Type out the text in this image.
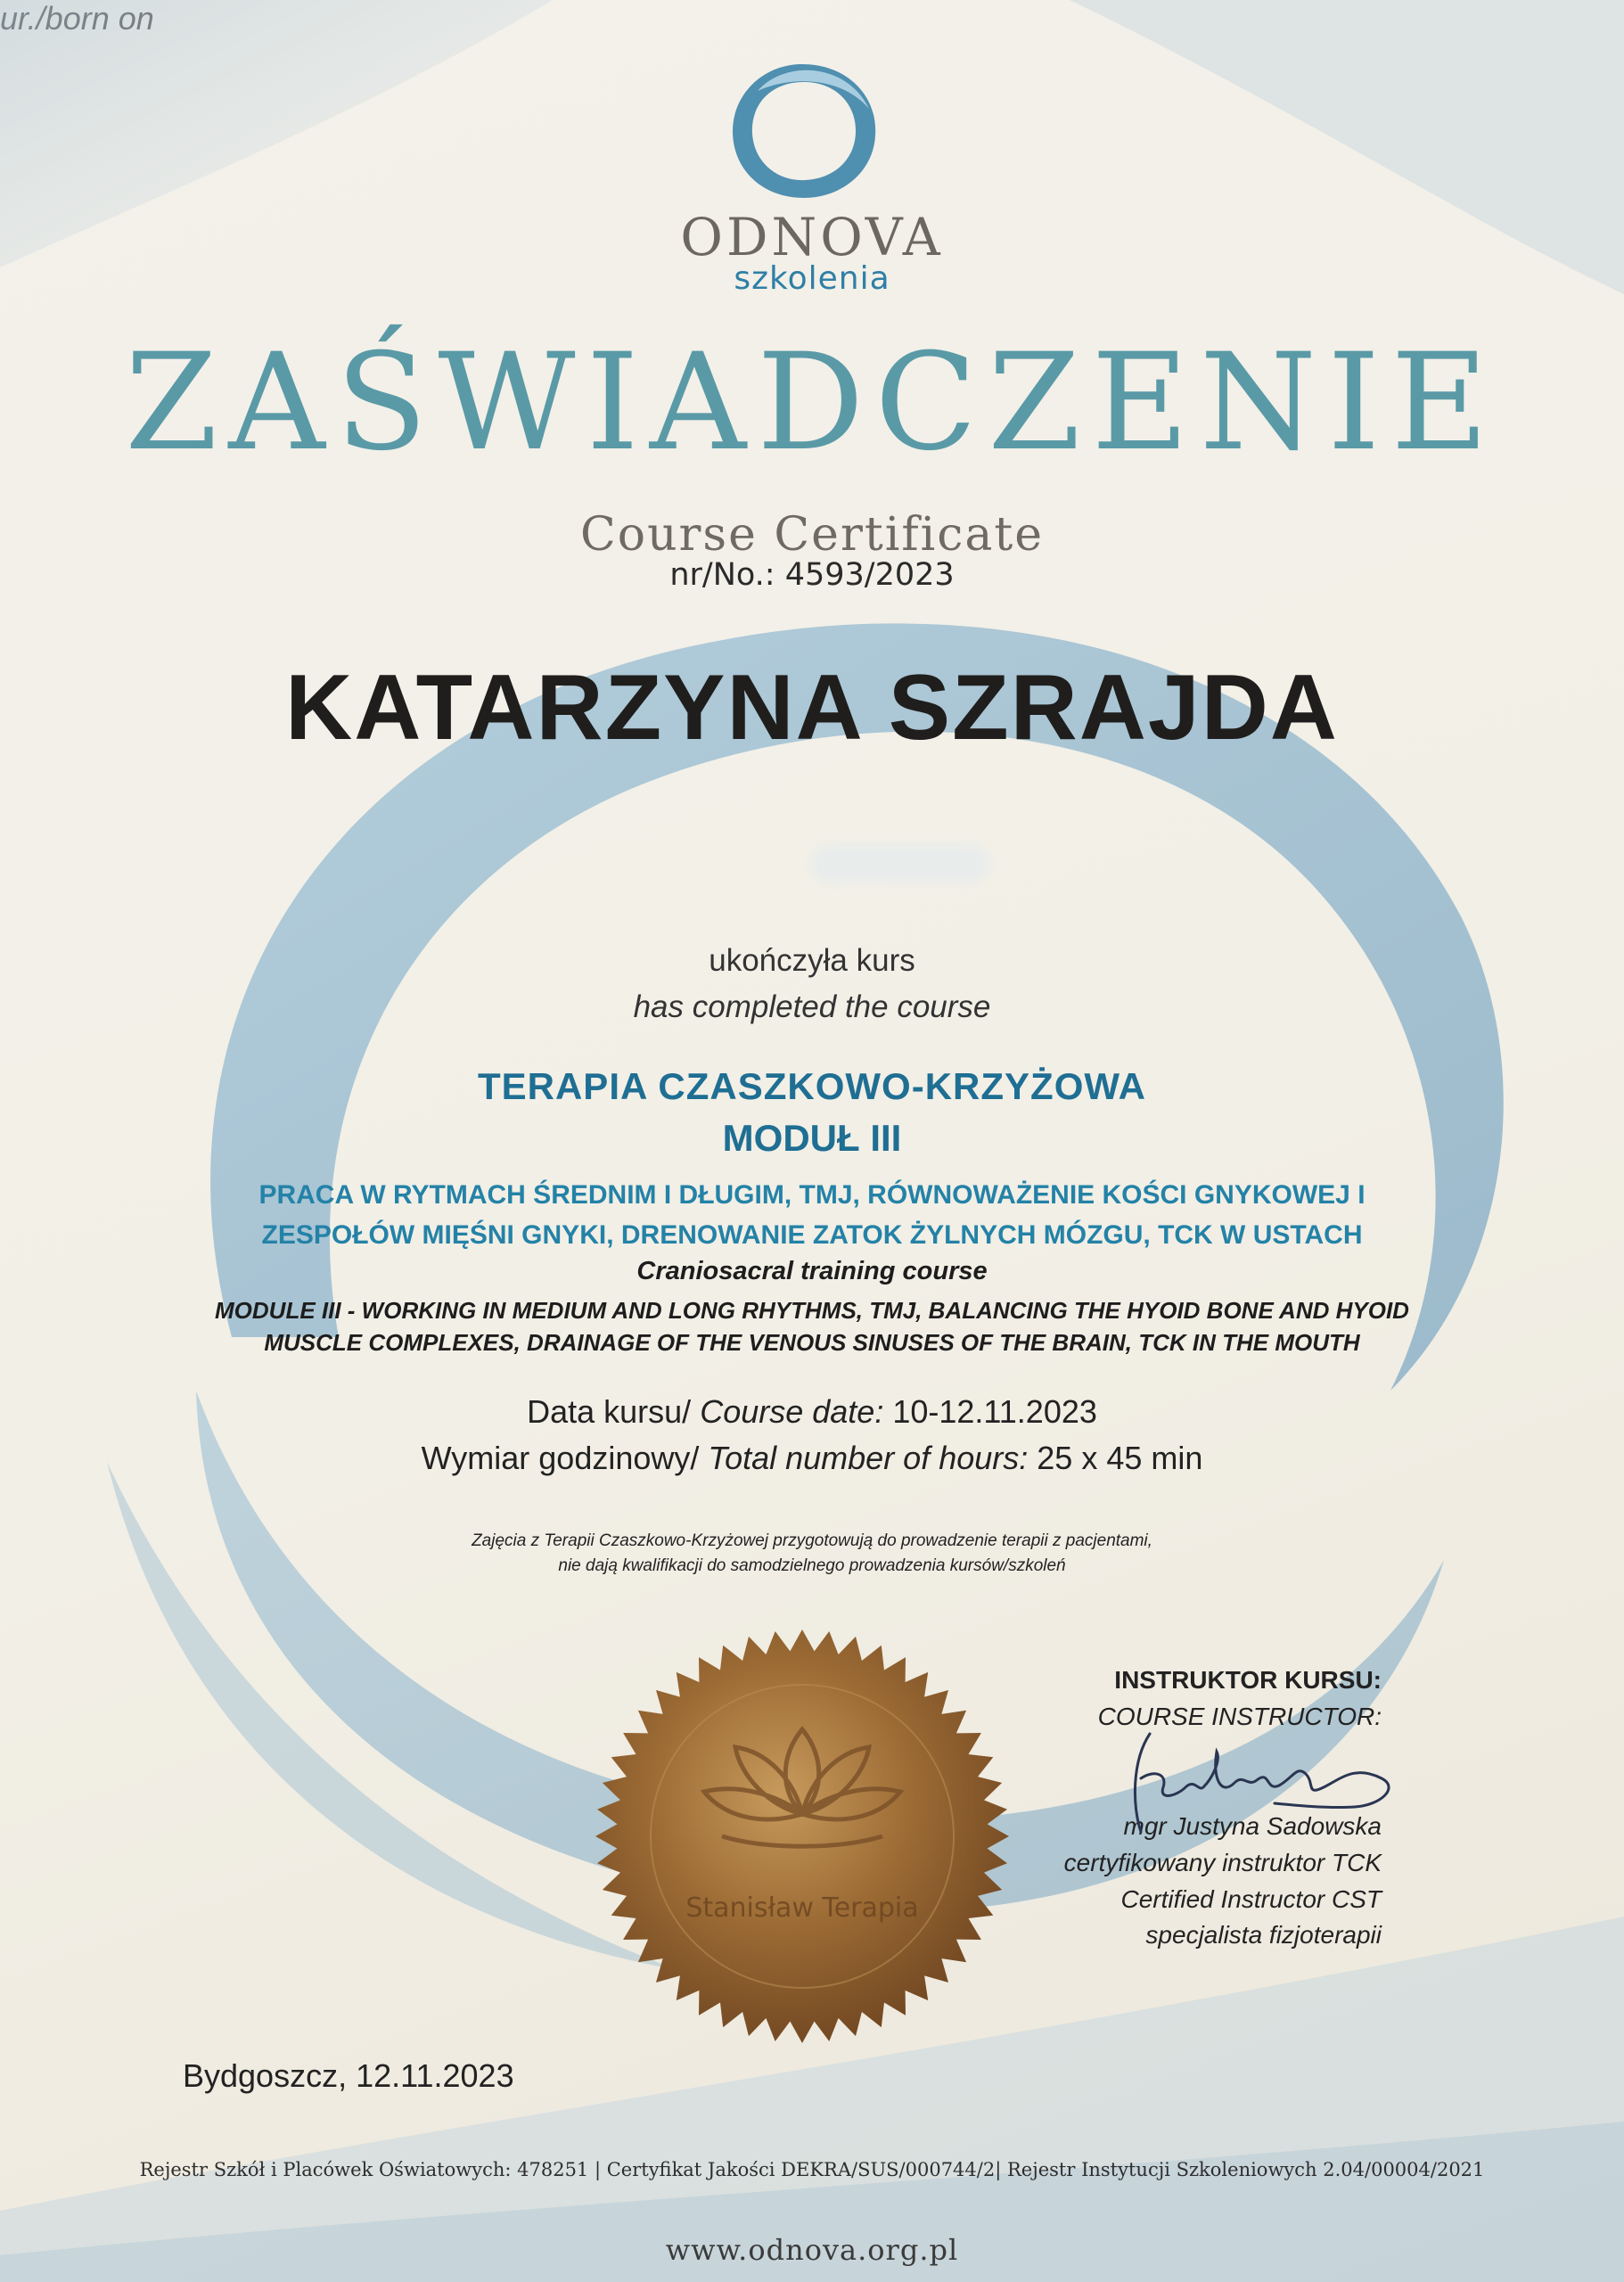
ODNOVA
szkolenia
ZAŚWIADCZENIE
Course Certificate
nr/No.: 4593/2023
KATARZYNA SZRAJDA
ukończyła kurs
has completed the course
TERAPIA CZASZKOWO-KRZYŻOWA
MODUŁ III
PRACA W RYTMACH ŚREDNIM I DŁUGIM, TMJ, RÓWNOWAŻENIE KOŚCI GNYKOWEJ I
ZESPOŁÓW MIĘŚNI GNYKI, DRENOWANIE ZATOK ŻYLNYCH MÓZGU, TCK W USTACH
Craniosacral training course
MODULE III - WORKING IN MEDIUM AND LONG RHYTHMS, TMJ, BALANCING THE HYOID BONE AND HYOID
MUSCLE COMPLEXES, DRAINAGE OF THE VENOUS SINUSES OF THE BRAIN, TCK IN THE MOUTH
Data kursu/ Course date: 10-12.11.2023
Wymiar godzinowy/ Total number of hours: 25 x 45 min
Zajęcia z Terapii Czaszkowo-Krzyżowej przygotowują do prowadzenie terapii z pacjentami,
nie dają kwalifikacji do samodzielnego prowadzenia kursów/szkoleń
Stanisław Terapia
INSTRUKTOR KURSU:
COURSE INSTRUCTOR:
mgr Justyna Sadowska
certyfikowany instruktor TCK
Certified Instructor CST
specjalista fizjoterapii
Bydgoszcz, 12.11.2023
Rejestr Szkół i Placówek Oświatowych: 478251 | Certyfikat Jakości DEKRA/SUS/000744/2| Rejestr Instytucji Szkoleniowych 2.04/00004/2021
www.odnova.org.pl
